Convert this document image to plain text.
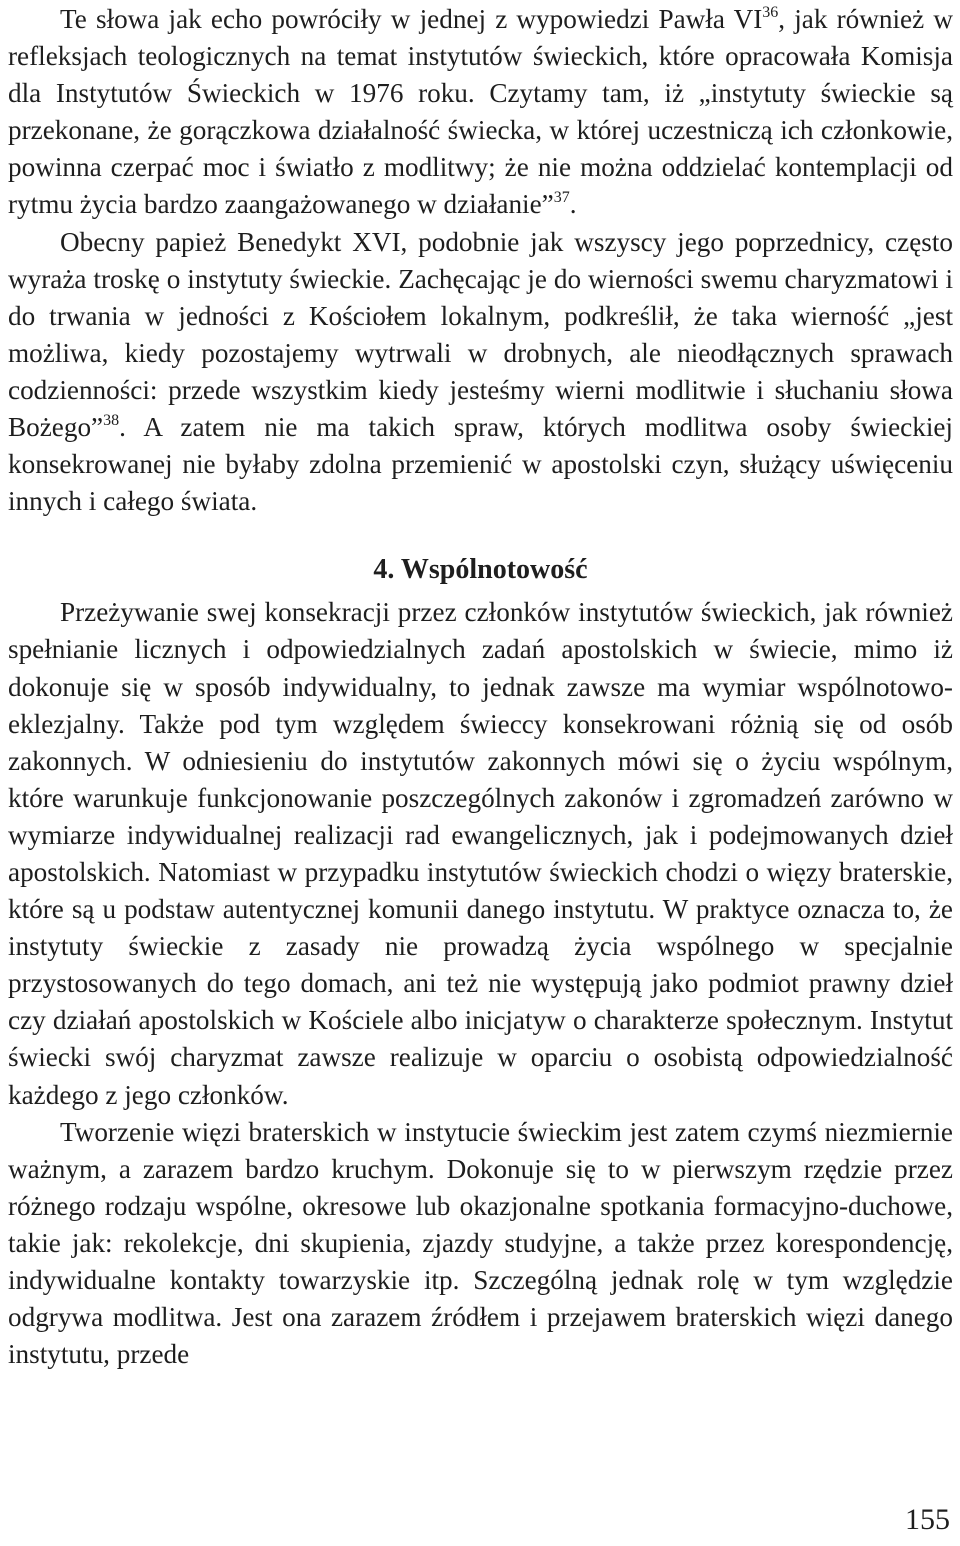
Te słowa jak echo powróciły w jednej z wypowiedzi Pawła VI$^{36}$, jak również w refleksjach teologicznych na temat instytutów świeckich, które opracowała Komisja dla Instytutów Świeckich w 1976 roku. Czytamy tam, iż „instytuty świeckie są przekonane, że gorączkowa działalność świecka, w której uczestniczą ich członkowie, powinna czerpać moc i światło z modlitwy; że nie można oddzielać kontemplacji od rytmu życia bardzo zaangażowanego w działanie”$^{37}$.

Obecny papież Benedykt XVI, podobnie jak wszyscy jego poprzednicy, często wyraża troskę o instytuty świeckie. Zachęcając je do wierności swemu charyzmatowi i do trwania w jedności z Kościołem lokalnym, podkreślił, że taka wierność „jest możliwa, kiedy pozostajemy wytrwali w drobnych, ale nieodłącznych sprawach codzienności: przede wszystkim kiedy jesteśmy wierni modlitwie i słuchaniu słowa Bożego”$^{38}$. A zatem nie ma takich spraw, których modlitwa osoby świeckiej konsekrowanej nie byłaby zdolna przemienić w apostolski czyn, służący uświęceniu innych i całego świata.

4. Wspólnotowość

Przeżywanie swej konsekracji przez członków instytutów świeckich, jak również spełnianie licznych i odpowiedzialnych zadań apostolskich w świecie, mimo iż dokonuje się w sposób indywidualny, to jednak zawsze ma wymiar wspólnotowo-eklezjalny. Także pod tym względem świeccy konsekrowani różnią się od osób zakonnych. W odniesieniu do instytutów zakonnych mówi się o życiu wspólnym, które warunkuje funkcjonowanie poszczególnych zakonów i zgromadzeń zarówno w wymiarze indywidualnej realizacji rad ewangelicznych, jak i podejmowanych dzieł apostolskich. Natomiast w przypadku instytutów świeckich chodzi o więzy braterskie, które są u podstaw autentycznej komunii danego instytutu. W praktyce oznacza to, że instytuty świeckie z zasady nie prowadzą życia wspólnego w specjalnie przystosowanych do tego domach, ani też nie występują jako podmiot prawny dzieł czy działań apostolskich w Kościele albo inicjatyw o charakterze społecznym. Instytut świecki swój charyzmat zawsze realizuje w oparciu o osobistą odpowiedzialność każdego z jego członków.

Tworzenie więzi braterskich w instytucie świeckim jest zatem czymś niezmiernie ważnym, a zarazem bardzo kruchym. Dokonuje się to w pierwszym rzędzie przez różnego rodzaju wspólne, okresowe lub okazjonalne spotkania formacyjno-duchowe, takie jak: rekolekcje, dni skupienia, zjazdy studyjne, a także przez korespondencję, indywidualne kontakty towarzyskie itp. Szczególną jednak rolę w tym względzie odgrywa modlitwa. Jest ona zarazem źródłem i przejawem braterskich więzi danego instytutu, przede

155
